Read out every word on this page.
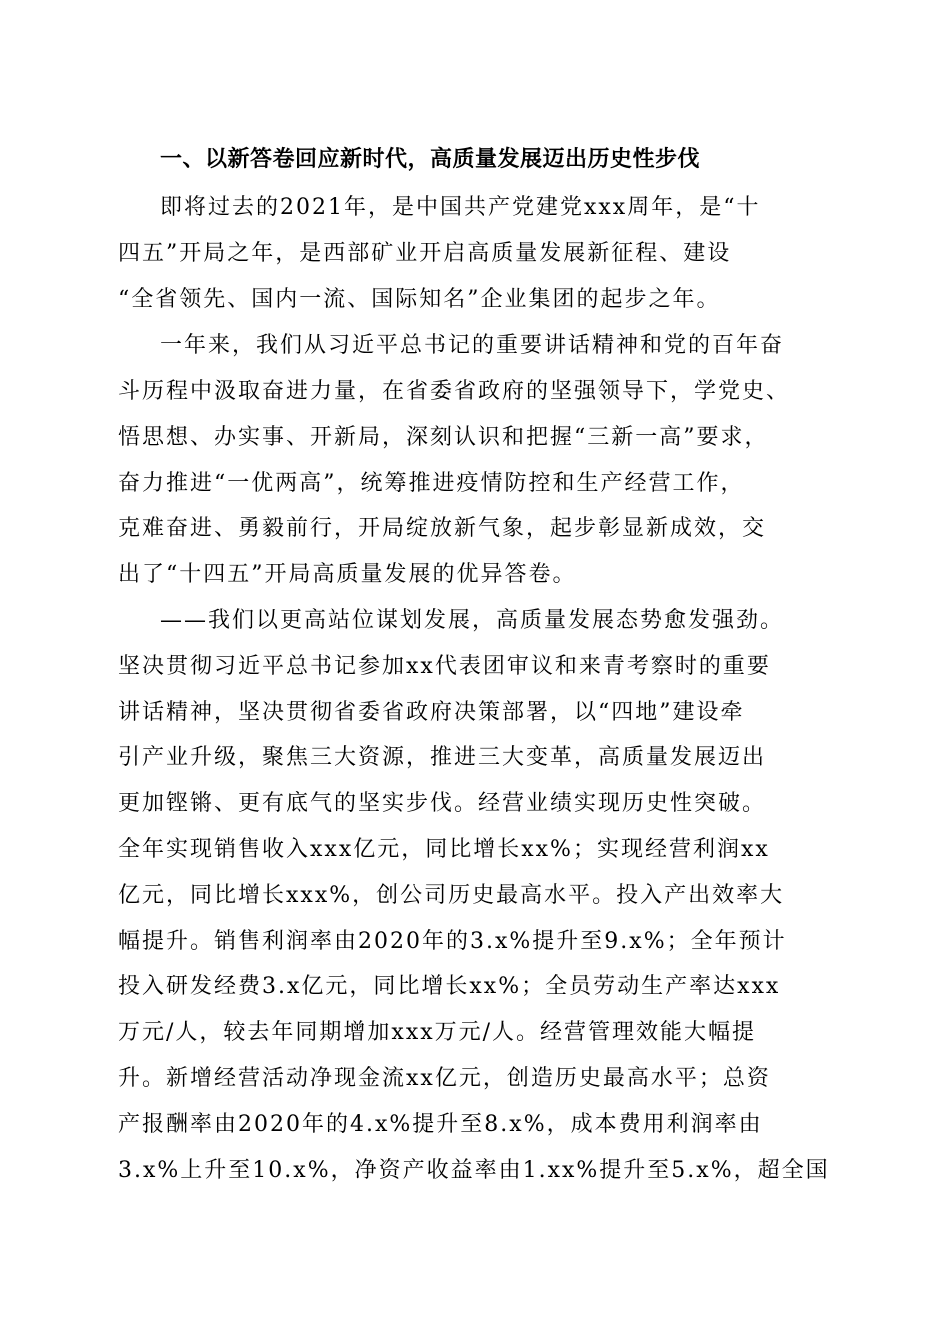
一、以新答卷回应新时代，高质量发展迈出历史性步伐
即将过去的2021年，是中国共产党建党xxx周年，是“十
四五”开局之年，是西部矿业开启高质量发展新征程、建设
“全省领先、国内一流、国际知名”企业集团的起步之年。
一年来，我们从习近平总书记的重要讲话精神和党的百年奋
斗历程中汲取奋进力量，在省委省政府的坚强领导下，学党史、
悟思想、办实事、开新局，深刻认识和把握“三新一高”要求，
奋力推进“一优两高”，统筹推进疫情防控和生产经营工作，
克难奋进、勇毅前行，开局绽放新气象，起步彰显新成效，交
出了“十四五”开局高质量发展的优异答卷。
——我们以更高站位谋划发展，高质量发展态势愈发强劲。
坚决贯彻习近平总书记参加xx代表团审议和来青考察时的重要
讲话精神，坚决贯彻省委省政府决策部署，以“四地”建设牵
引产业升级，聚焦三大资源，推进三大变革，高质量发展迈出
更加铿锵、更有底气的坚实步伐。经营业绩实现历史性突破。
全年实现销售收入xxx亿元，同比增长xx%；实现经营利润xx
亿元，同比增长xxx%，创公司历史最高水平。投入产出效率大
幅提升。销售利润率由2020年的3.x%提升至9.x%；全年预计
投入研发经费3.x亿元，同比增长xx%；全员劳动生产率达xxx
万元/人，较去年同期增加xxx万元/人。经营管理效能大幅提
升。新增经营活动净现金流xx亿元，创造历史最高水平；总资
产报酬率由2020年的4.x%提升至8.x%，成本费用利润率由
3.x%上升至10.x%，净资产收益率由1.xx%提升至5.x%，超全国
